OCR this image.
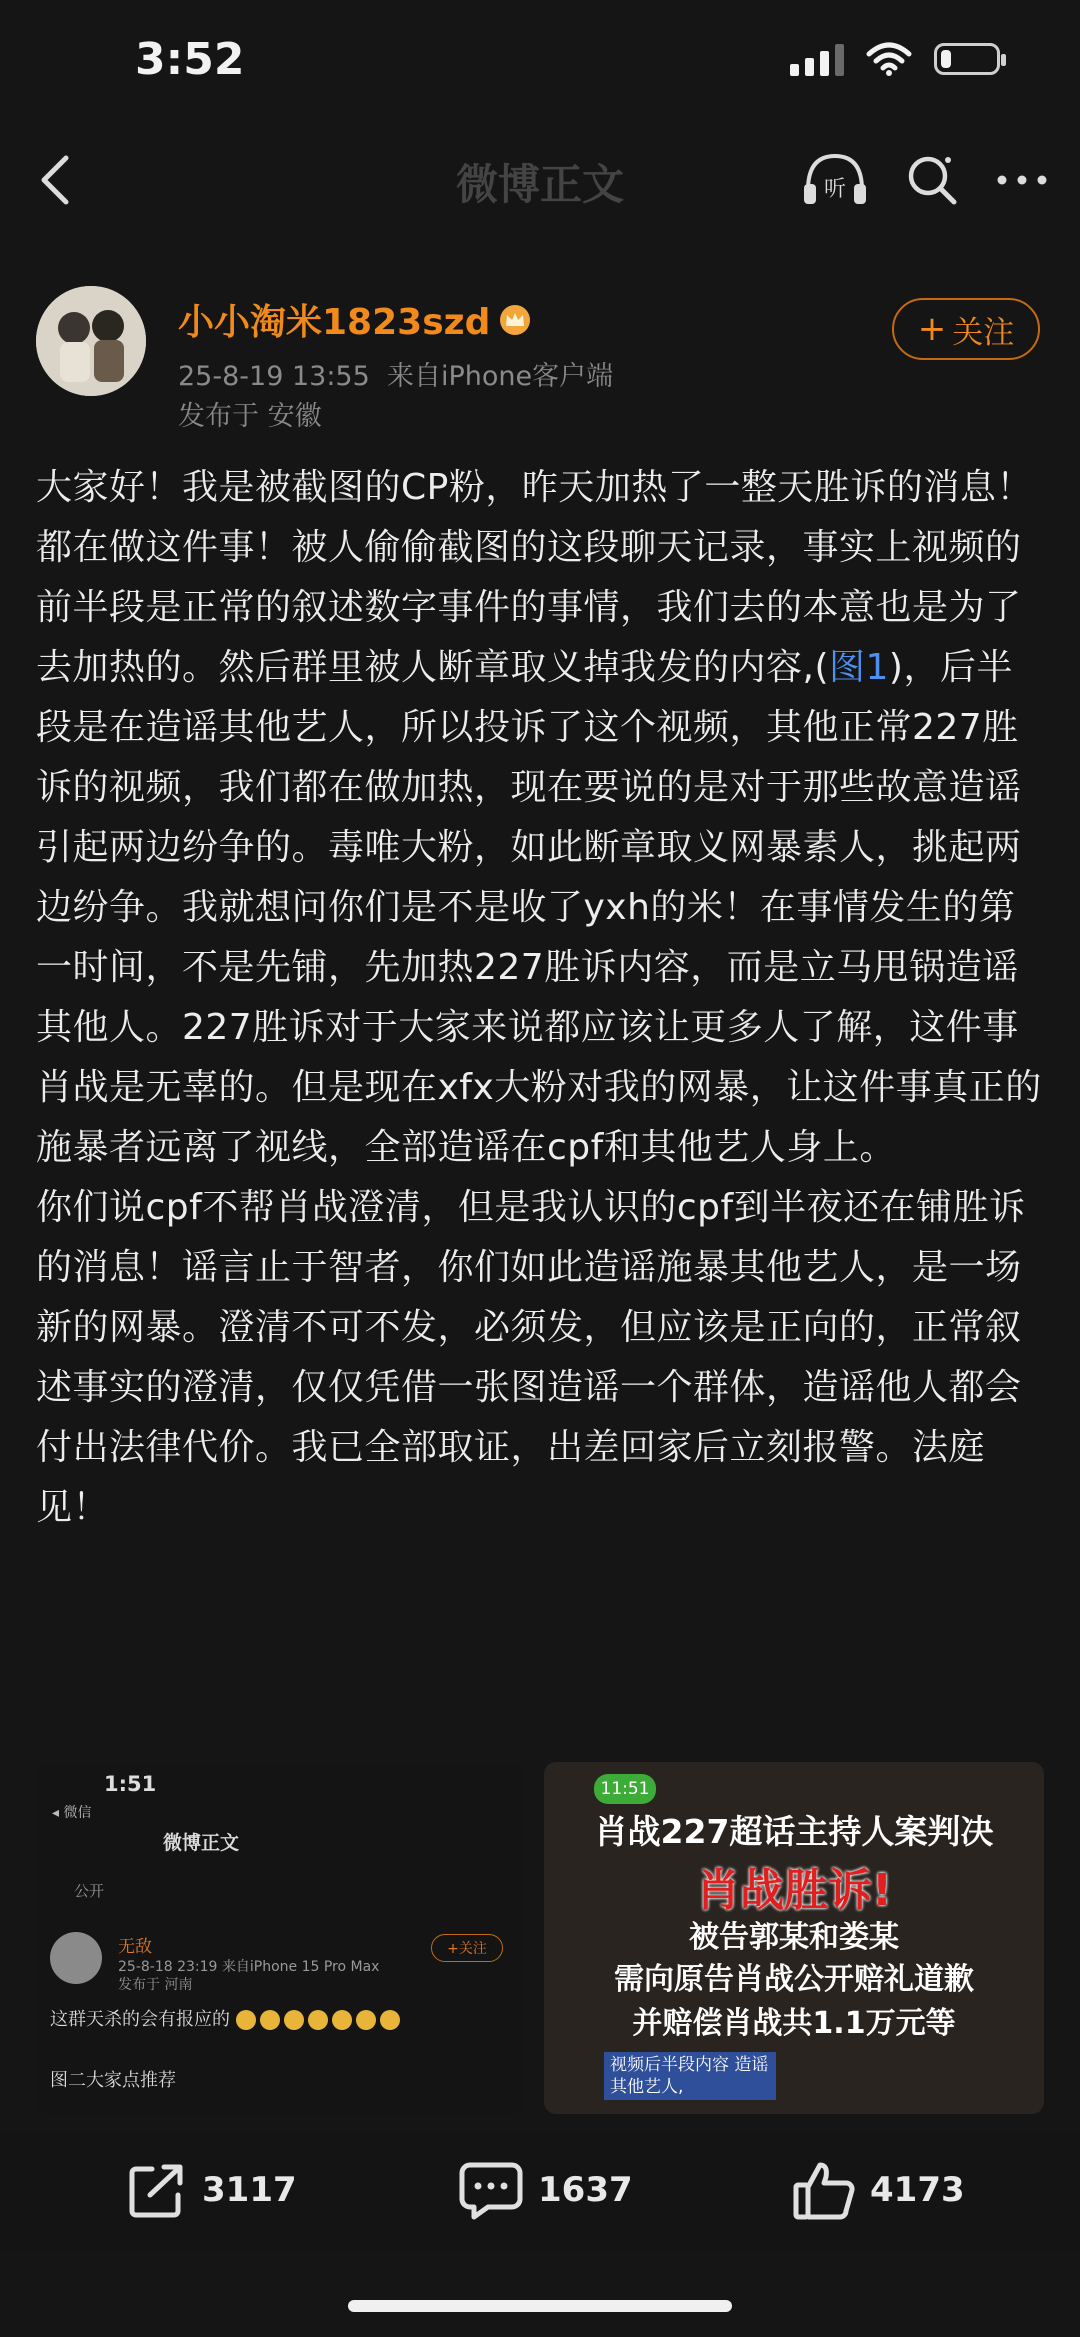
3:52
微博正文	听
小小淘米1823szd
25-8-19 13:55 来自iPhone客户端
发布于 安徽
+ 关注

大家好！我是被截图的CP粉，昨天加热了一整天胜诉的消息！都在做这件事！被人偷偷截图的这段聊天记录，事实上视频的前半段是正常的叙述数字事件的事情，我们去的本意也是为了去加热的。然后群里被人断章取义掉我发的内容,(图1)，后半段是在造谣其他艺人，所以投诉了这个视频，其他正常227胜诉的视频，我们都在做加热，现在要说的是对于那些故意造谣引起两边纷争的。毒唯大粉，如此断章取义网暴素人，挑起两边纷争。我就想问你们是不是收了yxh的米！在事情发生的第一时间，不是先铺，先加热227胜诉内容，而是立马甩锅造谣其他人。227胜诉对于大家来说都应该让更多人了解，这件事肖战是无辜的。但是现在xfx大粉对我的网暴，让这件事真正的施暴者远离了视线，全部造谣在cpf和其他艺人身上。

你们说cpf不帮肖战澄清，但是我认识的cpf到半夜还在铺胜诉的消息！谣言止于智者，你们如此造谣施暴其他艺人，是一场新的网暴。澄清不可不发，必须发，但应该是正向的，正常叙述事实的澄清，仅仅凭借一张图造谣一个群体，造谣他人都会付出法律代价。我已全部取证，出差回家后立刻报警。法庭见！

1:51
◂ 微信
微博正文
公开
无敌
25-8-18 23:19 来自iPhone 15 Pro Max
发布于 河南
+关注
这群天杀的会有报应的
图二大家点推荐
11:51
肖战227超话主持人案判决
肖战胜诉!
被告郭某和娄某
需向原告肖战公开赔礼道歉
并赔偿肖战共1.1万元等
视频后半段内容 造谣其他艺人,
3117	1637	4173
